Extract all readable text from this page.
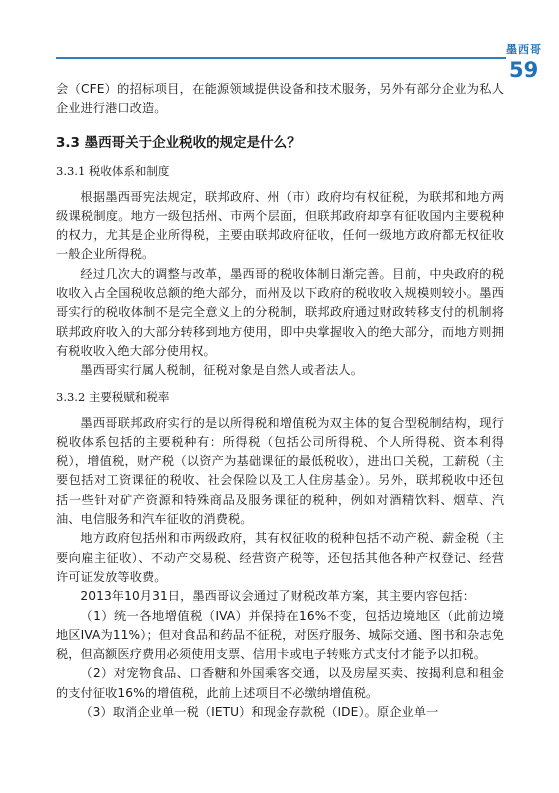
墨西哥
59

会（CFE）的招标项目，在能源领域提供设备和技术服务，另外有部分企业为私人企业进行港口改造。

3.3 墨西哥关于企业税收的规定是什么？
3.3.1 税收体系和制度

根据墨西哥宪法规定，联邦政府、州（市）政府均有权征税，为联邦和地方两级课税制度。地方一级包括州、市两个层面，但联邦政府却享有征收国内主要税种的权力，尤其是企业所得税，主要由联邦政府征收，任何一级地方政府都无权征收一般企业所得税。

经过几次大的调整与改革，墨西哥的税收体制日渐完善。目前，中央政府的税收收入占全国税收总额的绝大部分，而州及以下政府的税收收入规模则较小。墨西哥实行的税收体制不是完全意义上的分税制，联邦政府通过财政转移支付的机制将联邦政府收入的大部分转移到地方使用，即中央掌握收入的绝大部分，而地方则拥有税收收入绝大部分使用权。

墨西哥实行属人税制，征税对象是自然人或者法人。

3.3.2 主要税赋和税率

墨西哥联邦政府实行的是以所得税和增值税为双主体的复合型税制结构，现行税收体系包括的主要税种有：所得税（包括公司所得税、个人所得税、资本利得税），增值税，财产税（以资产为基础课征的最低税收），进出口关税，工薪税（主要包括对工资课征的税收、社会保险以及工人住房基金）。另外，联邦税收中还包括一些针对矿产资源和特殊商品及服务课征的税种，例如对酒精饮料、烟草、汽油、电信服务和汽车征收的消费税。

地方政府包括州和市两级政府，其有权征收的税种包括不动产税、薪金税（主要向雇主征收）、不动产交易税、经营资产税等，还包括其他各种产权登记、经营许可证发放等收费。

2013年10月31日，墨西哥议会通过了财税改革方案，其主要内容包括：

（1）统一各地增值税（IVA）并保持在16%不变，包括边境地区（此前边境地区IVA为11%）；但对食品和药品不征税，对医疗服务、城际交通、图书和杂志免税，但高额医疗费用必须使用支票、信用卡或电子转账方式支付才能予以扣税。

（2）对宠物食品、口香糖和外国乘客交通，以及房屋买卖、按揭利息和租金的支付征收16%的增值税，此前上述项目不必缴纳增值税。

（3）取消企业单一税（IETU）和现金存款税（IDE）。原企业单一
